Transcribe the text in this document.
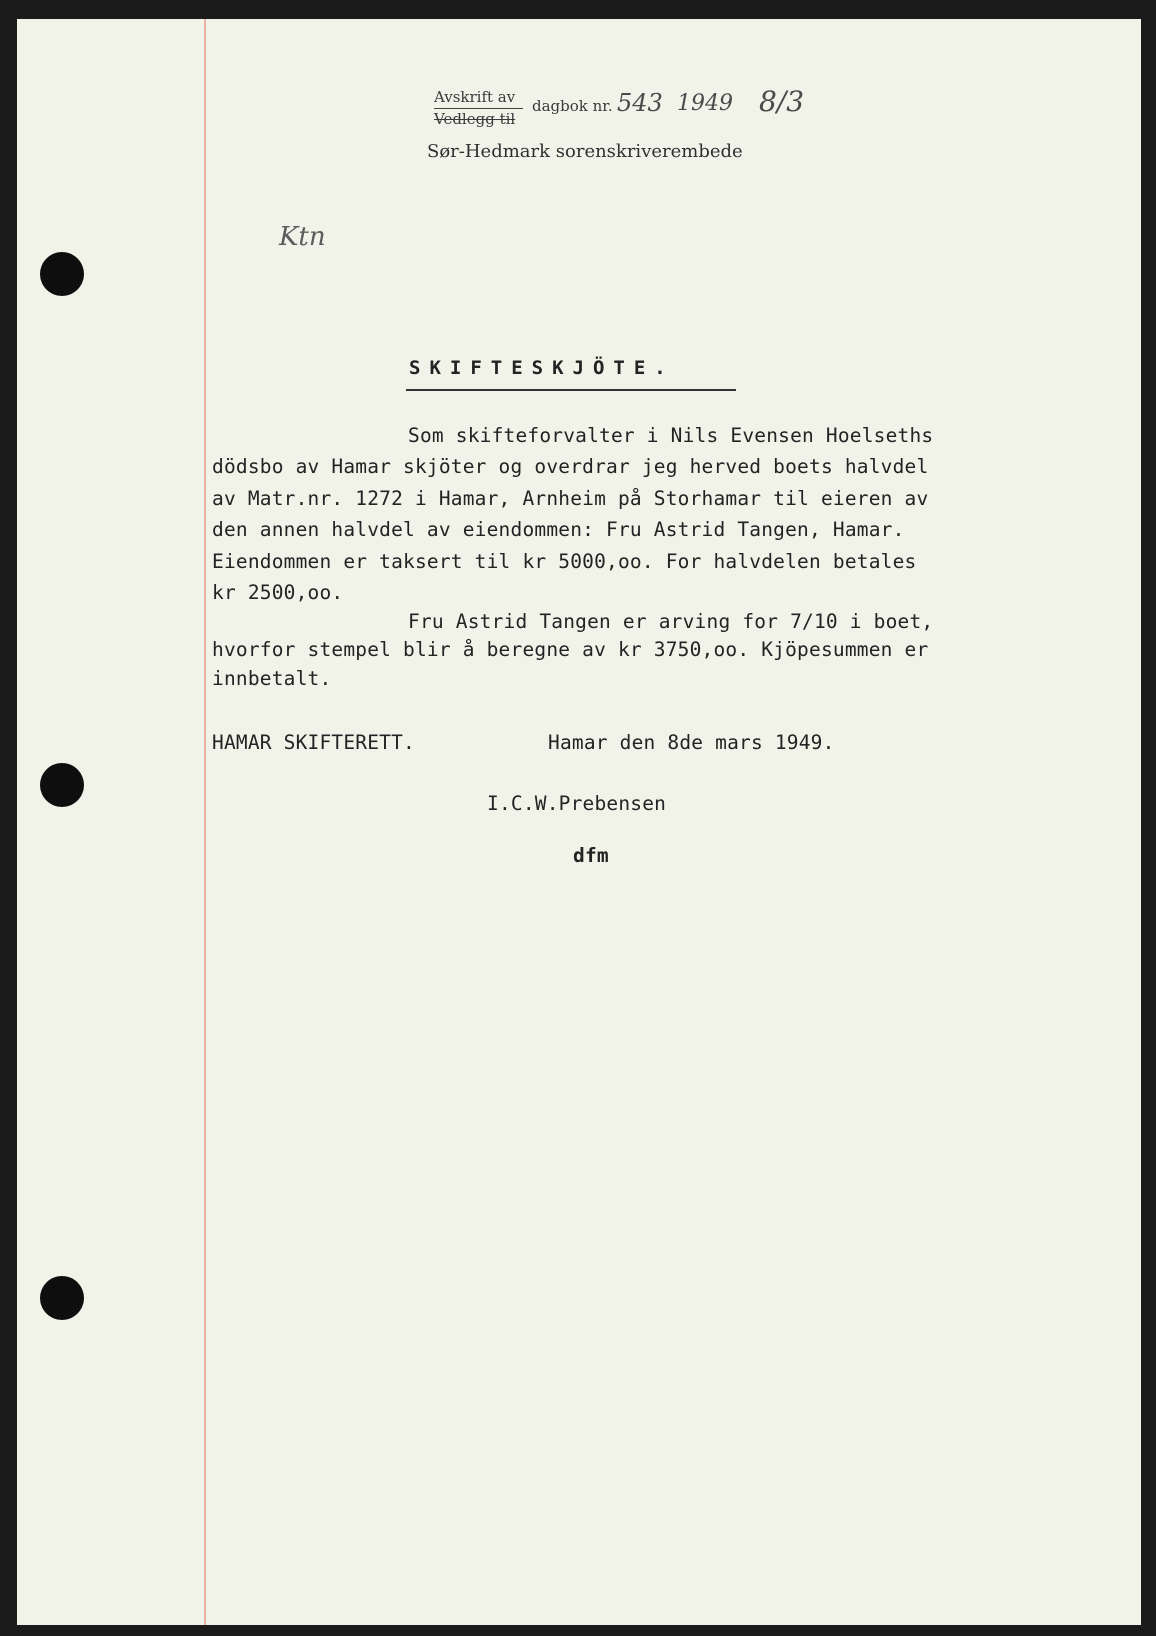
Avskrift av
Vedlegg til
dagbok nr. 543 1949 8/3
Sør-Hedmark sorenskriverembede
Ktn
SKIFTESKJÖTE.
Som skifteforvalter i Nils Evensen Hoelseths
dödsbo av Hamar skjöter og overdrar jeg herved boets halvdel
av Matr.nr. 1272 i Hamar, Arnheim på Storhamar til eieren av
den annen halvdel av eiendommen: Fru Astrid Tangen, Hamar.
Eiendommen er taksert til kr 5000,oo. For halvdelen betales
kr 2500,oo.
Fru Astrid Tangen er arving for 7/10 i boet,
hvorfor stempel blir å beregne av kr 3750,oo. Kjöpesummen er
innbetalt.
HAMAR SKIFTERETT.	Hamar den 8de mars 1949.
I.C.W.Prebensen
dfm
